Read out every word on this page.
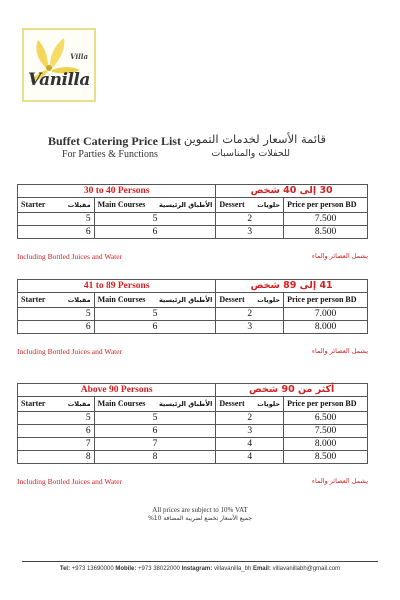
Villa
Vanilla
Buffet Catering Price List
For Parties & Functions
قائمة الأسعار لخدمات التموين
للحفلات والمناسبات
30 to 40 Persons		30 إلى 40 شخص	

Starter مقبلات	Main Courses الأطباق الرئيسية	Dessert حلويات	Price per person BD
5	5	2	7.500
6	6	3	8.500
Including Bottled Juices and Water	يشمل العصائر والماء
41 to 89 Persons		41 إلى 89 شخص	

Starter مقبلات	Main Courses الأطباق الرئيسية	Dessert حلويات	Price per person BD
5	5	2	7.000
6	6	3	8.000
Including Bottled Juices and Water	يشمل العصائر والماء
Above 90 Persons		أكثر من 90 شخص	

Starter مقبلات	Main Courses الأطباق الرئيسية	Dessert حلويات	Price per person BD
5	5	2	6.500
6	6	3	7.500
7	7	4	8.000
8	8	4	8.500
Including Bottled Juices and Water	يشمل العصائر والماء
All prices are subject to 10% VAT
جميع الأسعار تخضع لضريبة المضافة 10%
Tel: +973 13690000 Mobile: +973 38022000 Instagram: villavanilla_bh Email: villavanillabh@gmail.com
